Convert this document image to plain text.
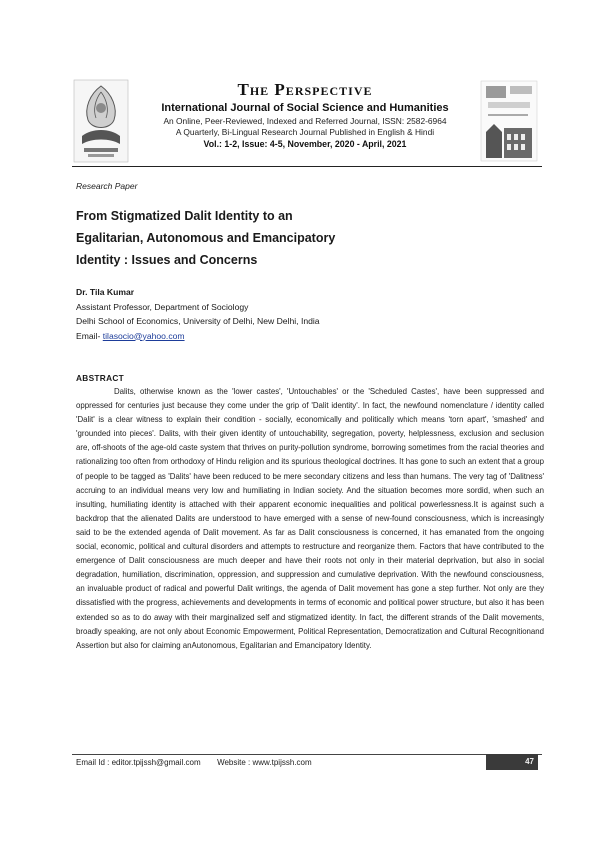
The Perspective
International Journal of Social Science and Humanities
An Online, Peer-Reviewed, Indexed and Referred Journal, ISSN: 2582-6964
A Quarterly, Bi-Lingual Research Journal Published in English & Hindi
Vol.: 1-2, Issue: 4-5, November, 2020 - April, 2021
Research Paper
From Stigmatized Dalit Identity to an
Egalitarian, Autonomous and Emancipatory
Identity : Issues and Concerns
Dr. Tila Kumar
Assistant Professor, Department of Sociology
Delhi School of Economics, University of Delhi, New Delhi, India
Email- tilasocio@yahoo.com
ABSTRACT

Dalits, otherwise known as the 'lower castes', 'Untouchables' or the 'Scheduled Castes', have been suppressed and oppressed for centuries just because they come under the grip of 'Dalit identity'. In fact, the newfound nomenclature / identity called 'Dalit' is a clear witness to explain their condition - socially, economically and politically which means 'torn apart', 'smashed' and 'grounded into pieces'. Dalits, with their given identity of untouchability, segregation, poverty, helplessness, exclusion and seclusion are, off-shoots of the age-old caste system that thrives on purity-pollution syndrome, borrowing sometimes from the racial theories and rationalizing too often from orthodoxy of Hindu religion and its spurious theological doctrines. It has gone to such an extent that a group of people to be tagged as 'Dalits' have been reduced to be mere secondary citizens and less than humans. The very tag of 'Dalitness' accruing to an individual means very low and humiliating in Indian society. And the situation becomes more sordid, when such an insulting, humiliating identity is attached with their apparent economic inequalities and political powerlessness.It is against such a backdrop that the alienated Dalits are understood to have emerged with a sense of new-found consciousness, which is increasingly said to be the extended agenda of Dalit movement. As far as Dalit consciousness is concerned, it has emanated from the ongoing social, economic, political and cultural disorders and attempts to restructure and reorganize them. Factors that have contributed to the emergence of Dalit consciousness are much deeper and have their roots not only in their material deprivation, but also in social degradation, humiliation, discrimination, oppression, and suppression and cumulative deprivation. With the newfound consciousness, an invaluable product of radical and powerful Dalit writings, the agenda of Dalit movement has gone a step further. Not only are they dissatisfied with the progress, achievements and developments in terms of economic and political power structure, but also it has been extended so as to do away with their marginalized self and stigmatized identity. In fact, the different strands of the Dalit movements, broadly speaking, are not only about Economic Empowerment, Political Representation, Democratization and Cultural Recognitionand Assertion but also for claiming anAutonomous, Egalitarian and Emancipatory Identity.

Email Id : editor.tpijssh@gmail.com Website : www.tpijssh.com	47
